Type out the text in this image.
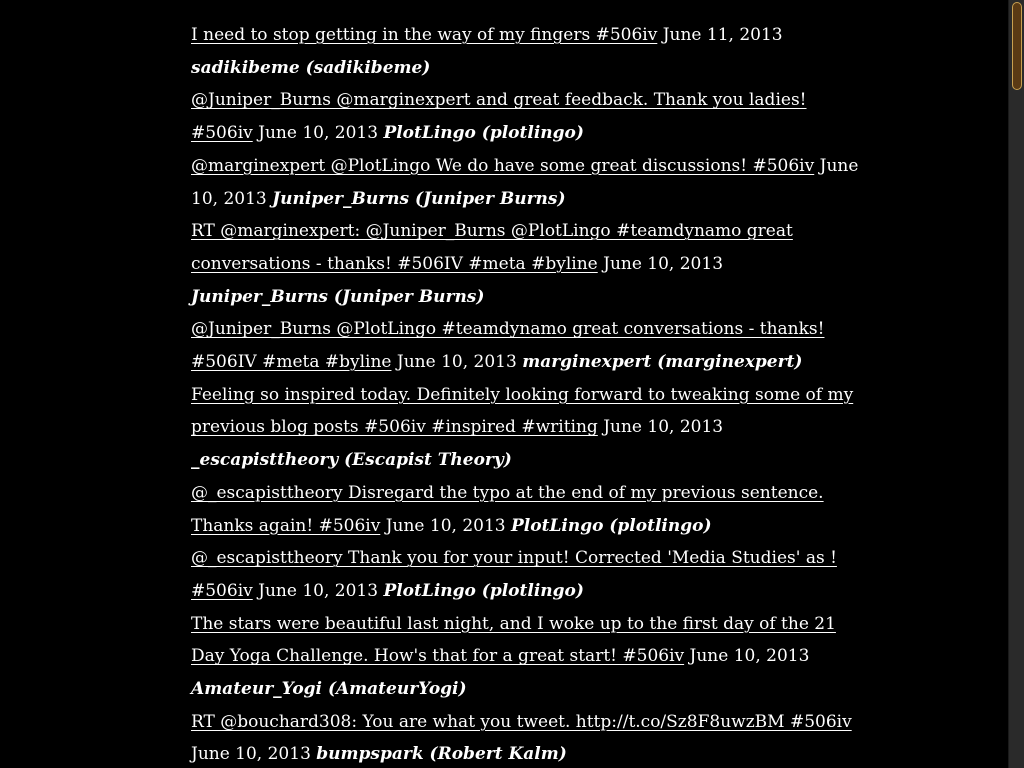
I need to stop getting in the way of my fingers #506iv June 11, 2013 sadikibeme (sadikibeme)

@Juniper_Burns @marginexpert and great feedback. Thank you ladies! #506iv June 10, 2013 PlotLingo (plotlingo)

@marginexpert @PlotLingo We do have some great discussions! #506iv June 10, 2013 Juniper_Burns (Juniper Burns)

RT @marginexpert: @Juniper_Burns @PlotLingo #teamdynamo great conversations - thanks! #506IV #meta #byline June 10, 2013 Juniper_Burns (Juniper Burns)

@Juniper_Burns @PlotLingo #teamdynamo great conversations - thanks! #506IV #meta #byline June 10, 2013 marginexpert (marginexpert)

Feeling so inspired today. Definitely looking forward to tweaking some of my previous blog posts #506iv #inspired #writing June 10, 2013 _escapisttheory (Escapist Theory)

@_escapisttheory Disregard the typo at the end of my previous sentence. Thanks again! #506iv June 10, 2013 PlotLingo (plotlingo)

@_escapisttheory Thank you for your input! Corrected 'Media Studies' as ! #506iv June 10, 2013 PlotLingo (plotlingo)

The stars were beautiful last night, and I woke up to the first day of the 21 Day Yoga Challenge. How's that for a great start! #506iv June 10, 2013 Amateur_Yogi (AmateurYogi)

RT @bouchard308: You are what you tweet. http://t.co/Sz8F8uwzBM #506iv June 10, 2013 bumpspark (Robert Kalm)
